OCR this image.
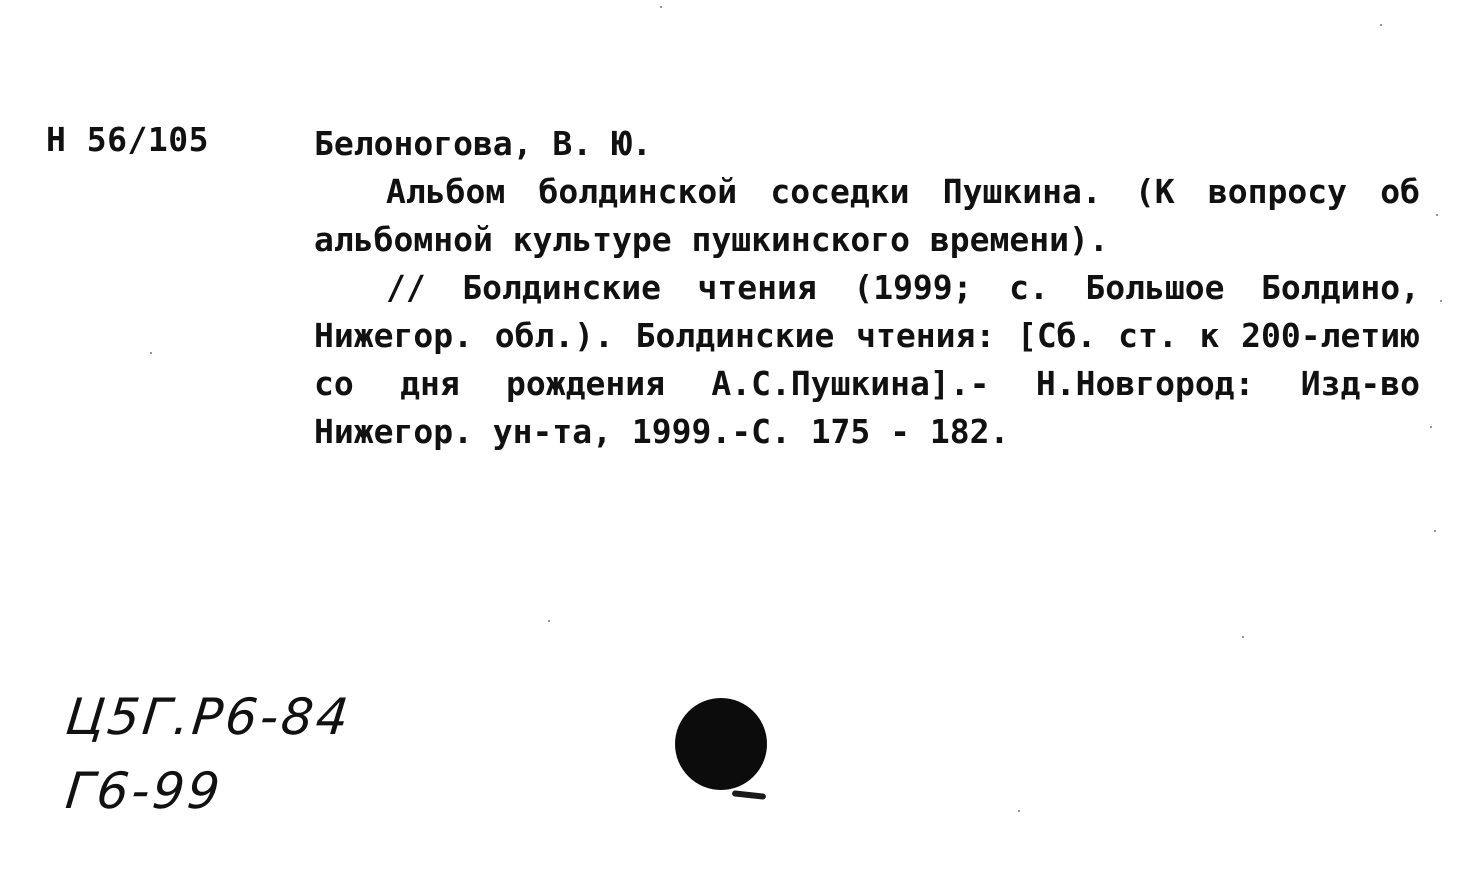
Н 56/105	Белоногова, В. Ю.

Альбом болдинской соседки Пушкина. (К вопросу об альбомной культуре пушкинского времени).

// Болдинские чтения (1999; с. Большое Болдино, Нижегор. обл.). Болдинские чтения: [Сб. ст. к 200-летию со дня рождения А.С.Пушкина].- Н.Новгород: Изд-во Нижегор. ун-та, 1999.-С. 175 - 182.

Ц5Г.Р6-84
Г6-99
